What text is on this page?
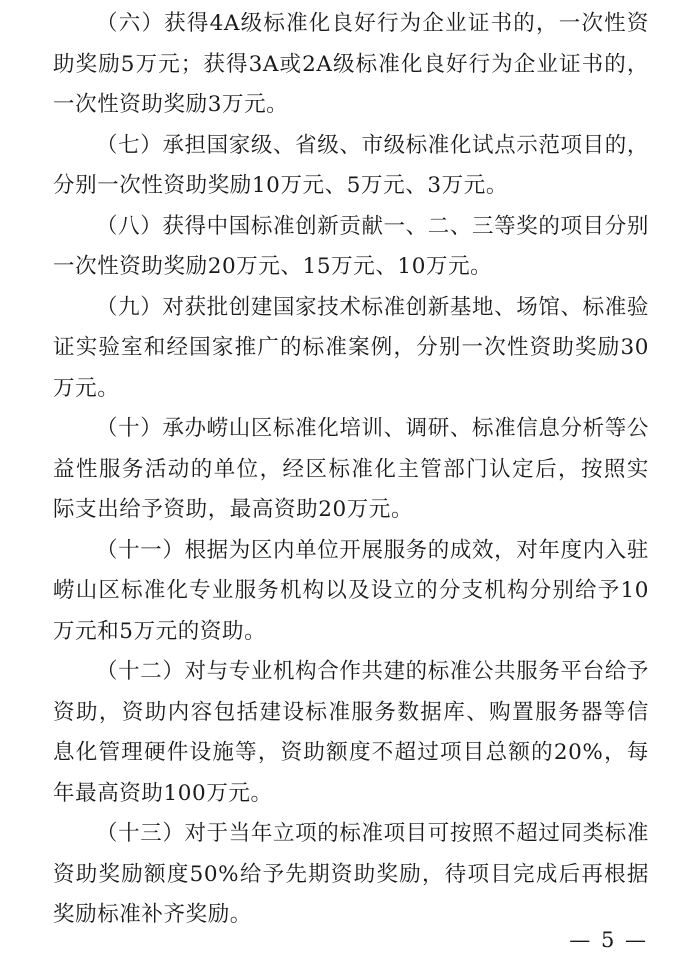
（六）获得4A级标准化良好行为企业证书的，一次性资助奖励5万元；获得3A或2A级标准化良好行为企业证书的，一次性资助奖励3万元。

（七）承担国家级、省级、市级标准化试点示范项目的，分别一次性资助奖励10万元、5万元、3万元。

（八）获得中国标准创新贡献一、二、三等奖的项目分别一次性资助奖励20万元、15万元、10万元。

（九）对获批创建国家技术标准创新基地、场馆、标准验证实验室和经国家推广的标准案例，分别一次性资助奖励30万元。

（十）承办崂山区标准化培训、调研、标准信息分析等公益性服务活动的单位，经区标准化主管部门认定后，按照实际支出给予资助，最高资助20万元。

（十一）根据为区内单位开展服务的成效，对年度内入驻崂山区标准化专业服务机构以及设立的分支机构分别给予10万元和5万元的资助。

（十二）对与专业机构合作共建的标准公共服务平台给予资助，资助内容包括建设标准服务数据库、购置服务器等信息化管理硬件设施等，资助额度不超过项目总额的20%，每年最高资助100万元。

（十三）对于当年立项的标准项目可按照不超过同类标准资助奖励额度50%给予先期资助奖励，待项目完成后再根据奖励标准补齐奖励。

— 5 —
